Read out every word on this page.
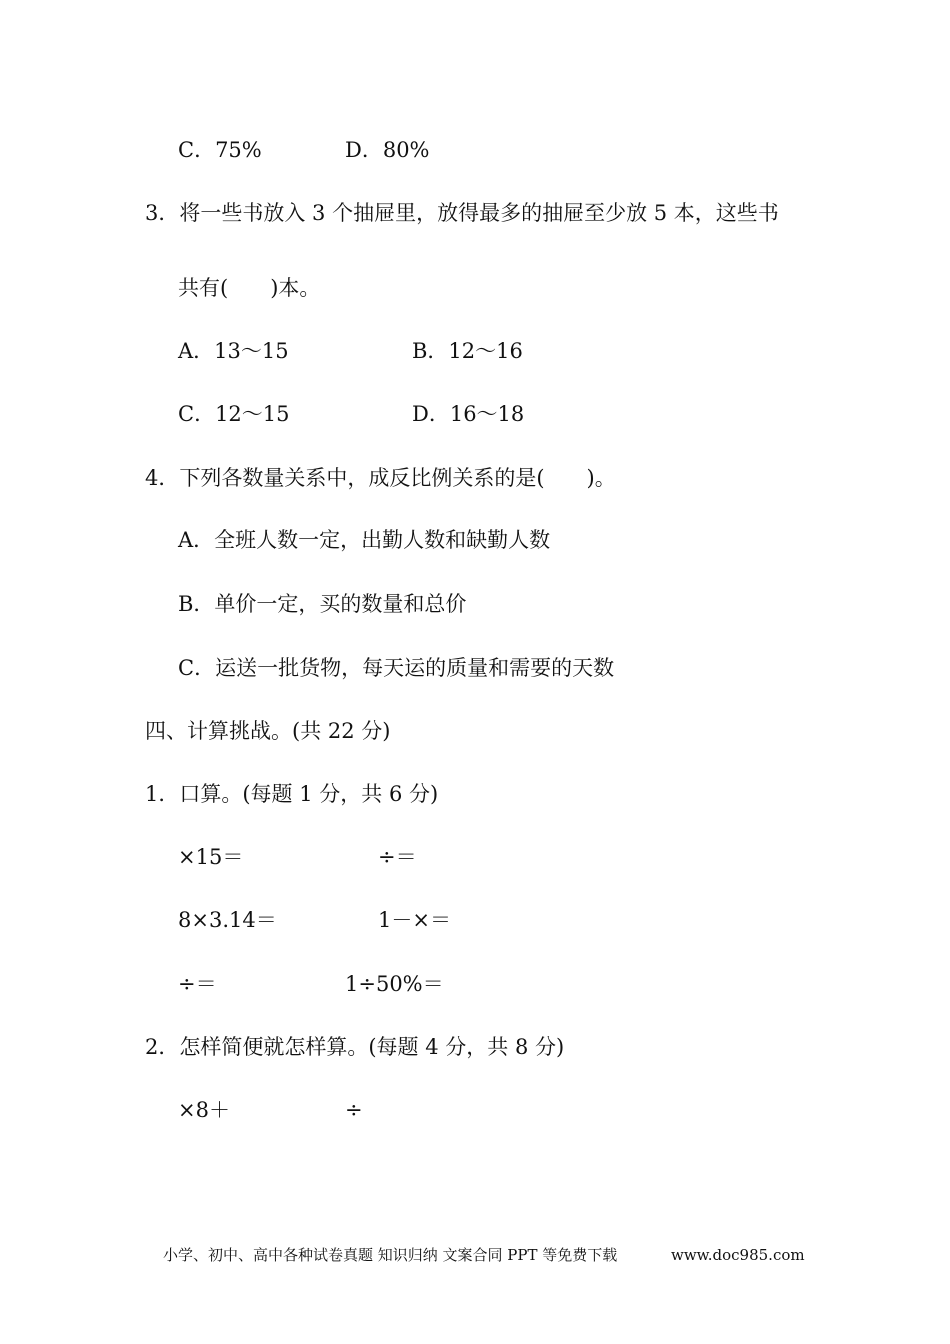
C．75%	D．80%
3．将一些书放入 3 个抽屉里，放得最多的抽屉至少放 5 本，这些书
共有(　　)本。
A．13～15	B．12～16
C．12～15	D．16～18
4．下列各数量关系中，成反比例关系的是(　　)。
A．全班人数一定，出勤人数和缺勤人数
B．单价一定，买的数量和总价
C．运送一批货物，每天运的质量和需要的天数
四、计算挑战。(共 22 分)
1．口算。(每题 1 分，共 6 分)
×15＝	÷＝
8×3.14＝	1－×＝
÷＝	1÷50%＝
2．怎样简便就怎样算。(每题 4 分，共 8 分)
×8＋	÷
小学、初中、高中各种试卷真题 知识归纳 文案合同 PPT 等免费下载	www.doc985.com
